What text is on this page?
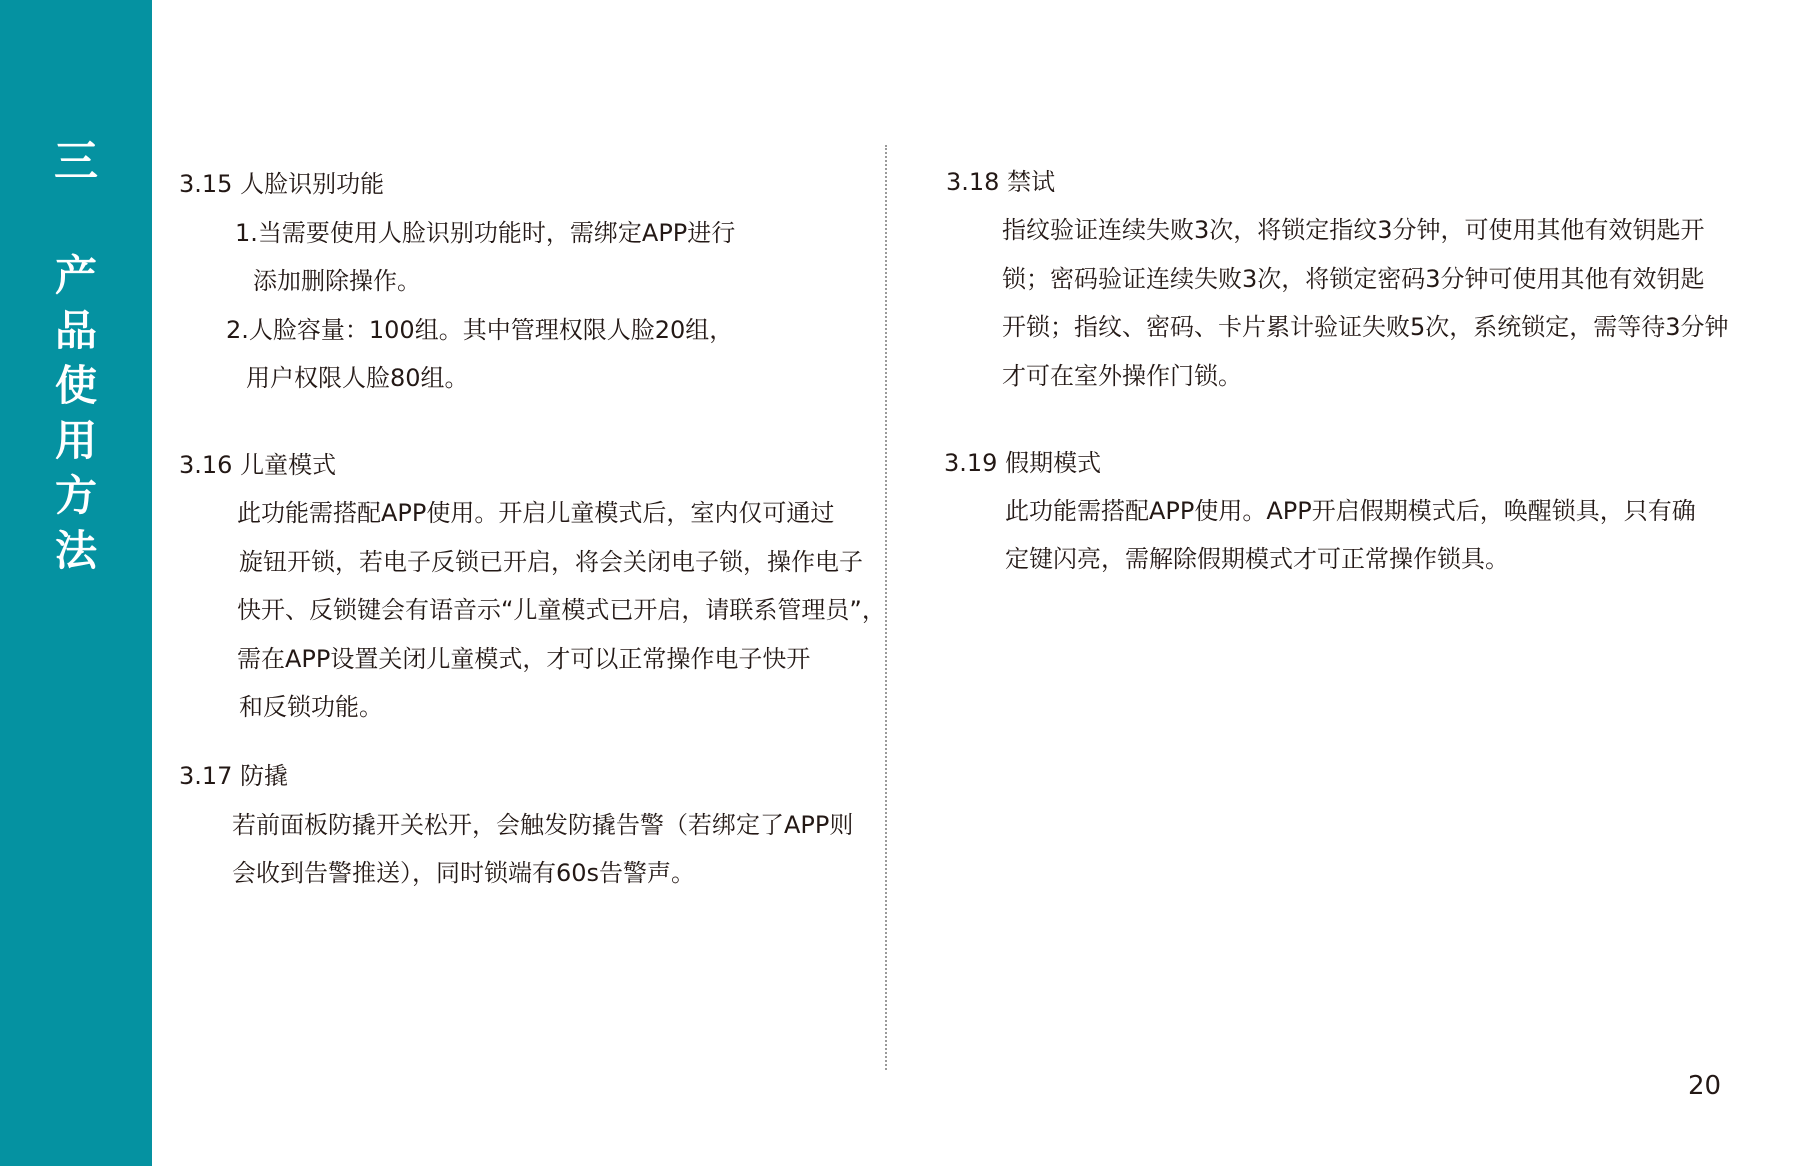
三
产
品
使
用
方
法
3.15 人脸识别功能
1.当需要使用人脸识别功能时，需绑定APP进行
添加删除操作。
2.人脸容量：100组。其中管理权限人脸20组，
用户权限人脸80组。
3.16 儿童模式
此功能需搭配APP使用。开启儿童模式后，室内仅可通过
旋钮开锁，若电子反锁已开启，将会关闭电子锁，操作电子
快开、反锁键会有语音示“儿童模式已开启，请联系管理员”，
需在APP设置关闭儿童模式，才可以正常操作电子快开
和反锁功能。
3.17 防撬
若前面板防撬开关松开，会触发防撬告警（若绑定了APP则
会收到告警推送），同时锁端有60s告警声。
3.18 禁试
指纹验证连续失败3次，将锁定指纹3分钟，可使用其他有效钥匙开
锁；密码验证连续失败3次，将锁定密码3分钟可使用其他有效钥匙
开锁；指纹、密码、卡片累计验证失败5次，系统锁定，需等待3分钟
才可在室外操作门锁。
3.19 假期模式
此功能需搭配APP使用。APP开启假期模式后，唤醒锁具，只有确
定键闪亮，需解除假期模式才可正常操作锁具。
20
